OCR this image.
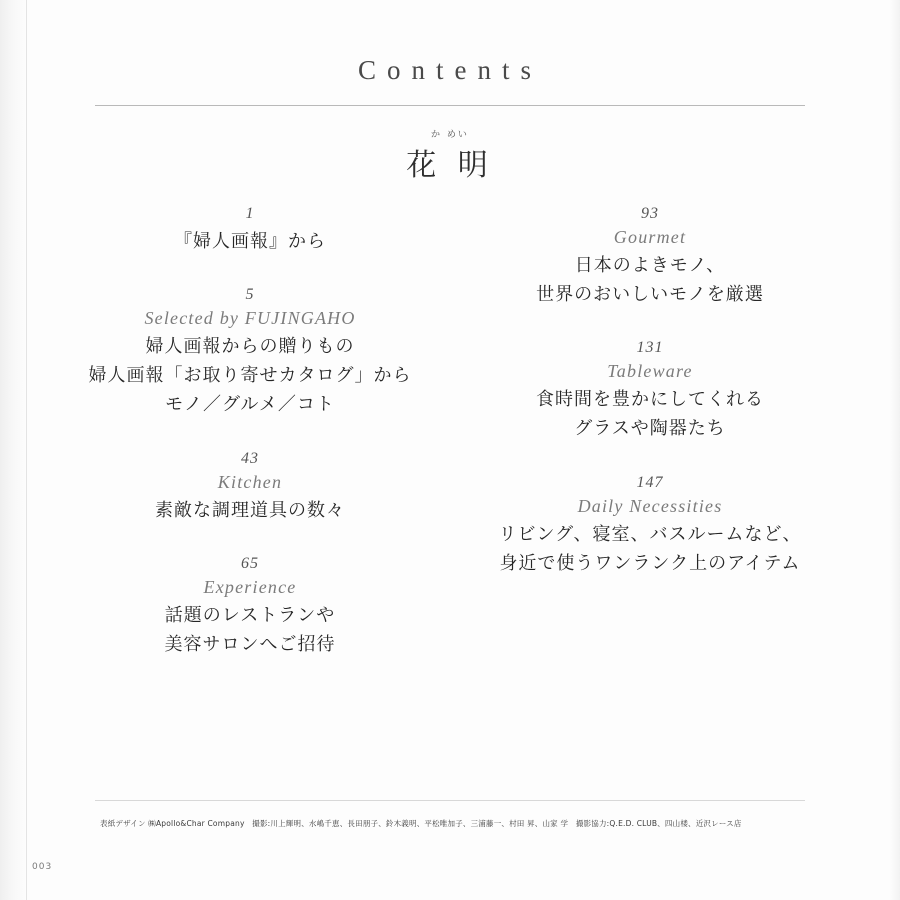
Contents
か めい
花 明
1
『婦人画報』から
5
Selected by FUJINGAHO
婦人画報からの贈りもの
婦人画報「お取り寄せカタログ」から
モノ／グルメ／コト
43
Kitchen
素敵な調理道具の数々
65
Experience
話題のレストランや
美容サロンへご招待
93
Gourmet
日本のよきモノ、
世界のおいしいモノを厳選
131
Tableware
食時間を豊かにしてくれる
グラスや陶器たち
147
Daily Necessities
リビング、寝室、バスルームなど、
身近で使うワンランク上のアイテム
表紙デザイン ㈱Apollo&Char Company　撮影:川上輝明、水嶋千恵、長田朋子、鈴木義明、平松唯加子、三浦藤一、村田 昇、山家 学　撮影協力:Q.E.D. CLUB、四山楼、近沢レース店
003
